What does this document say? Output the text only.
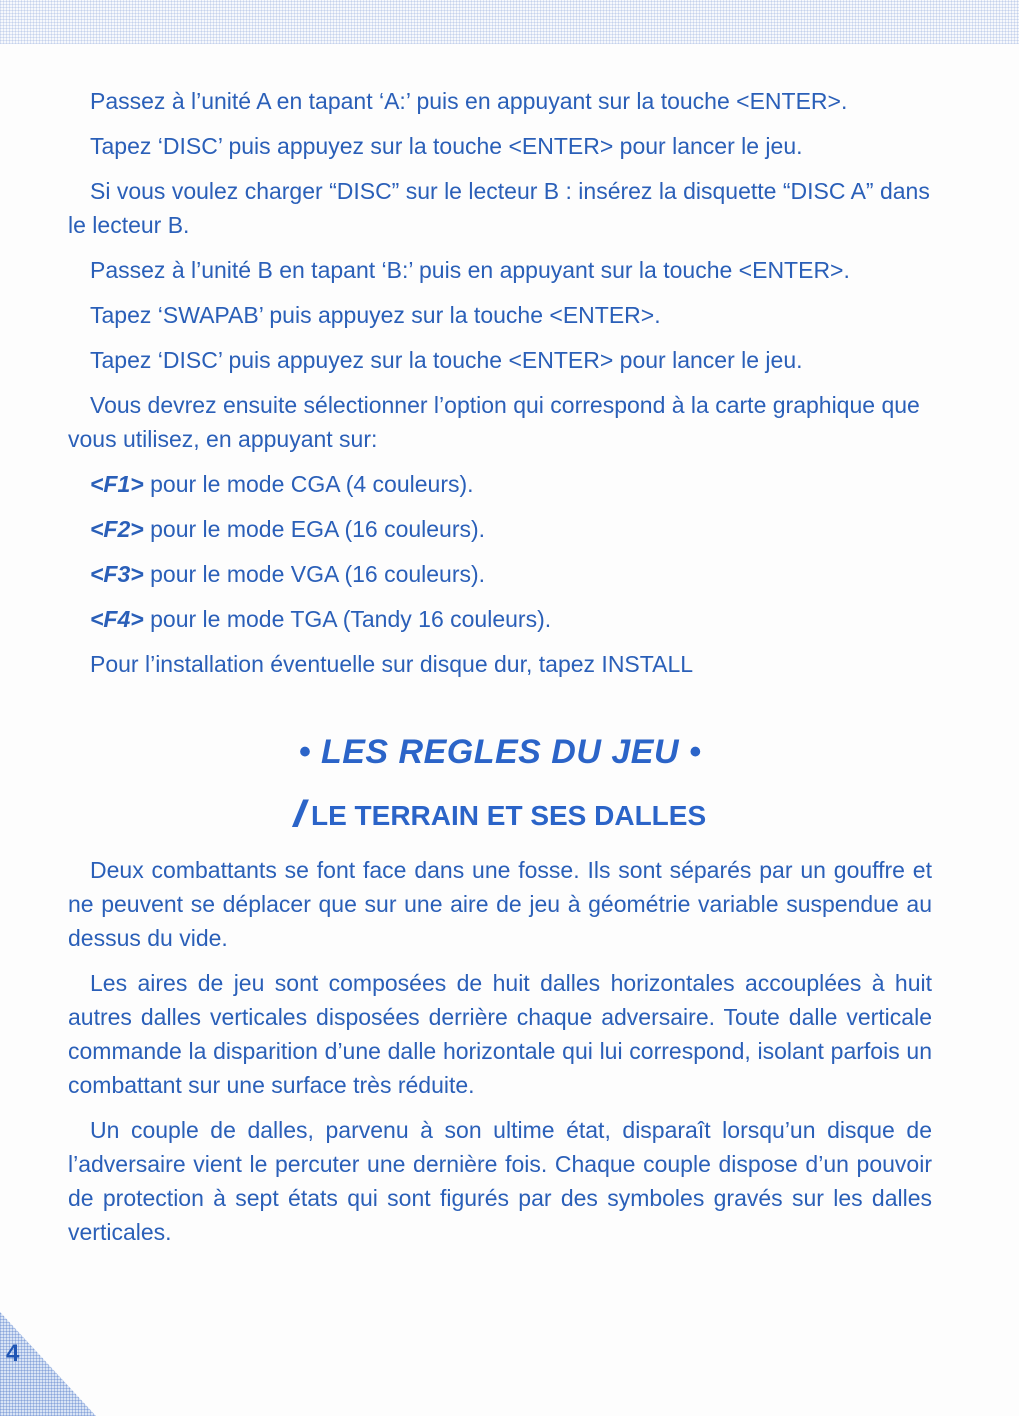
Passez à l’unité A en tapant ‘A:’ puis en appuyant sur la touche <ENTER>.

Tapez ‘DISC’ puis appuyez sur la touche <ENTER> pour lancer le jeu.

Si vous voulez charger “DISC” sur le lecteur B : insérez la disquette “DISC A” dans le lecteur B.

Passez à l’unité B en tapant ‘B:’ puis en appuyant sur la touche <ENTER>.

Tapez ‘SWAPAB’ puis appuyez sur la touche <ENTER>.

Tapez ‘DISC’ puis appuyez sur la touche <ENTER> pour lancer le jeu.

Vous devrez ensuite sélectionner l’option qui correspond à la carte graphique que vous utilisez, en appuyant sur:

<F1> pour le mode CGA (4 couleurs).

<F2> pour le mode EGA (16 couleurs).

<F3> pour le mode VGA (16 couleurs).

<F4> pour le mode TGA (Tandy 16 couleurs).

Pour l’installation éventuelle sur disque dur, tapez INSTALL

• LES REGLES DU JEU •
ILE TERRAIN ET SES DALLES

Deux combattants se font face dans une fosse. Ils sont séparés par un gouffre et ne peuvent se déplacer que sur une aire de jeu à géométrie variable suspendue au dessus du vide.

Les aires de jeu sont composées de huit dalles horizontales accouplées à huit autres dalles verticales disposées derrière chaque adversaire. Toute dalle verticale commande la disparition d’une dalle horizontale qui lui correspond, isolant parfois un combattant sur une surface très réduite.

Un couple de dalles, parvenu à son ultime état, disparaît lorsqu’un disque de l’adversaire vient le percuter une dernière fois. Chaque couple dispose d’un pouvoir de protection à sept états qui sont figurés par des symboles gravés sur les dalles verticales.

4
